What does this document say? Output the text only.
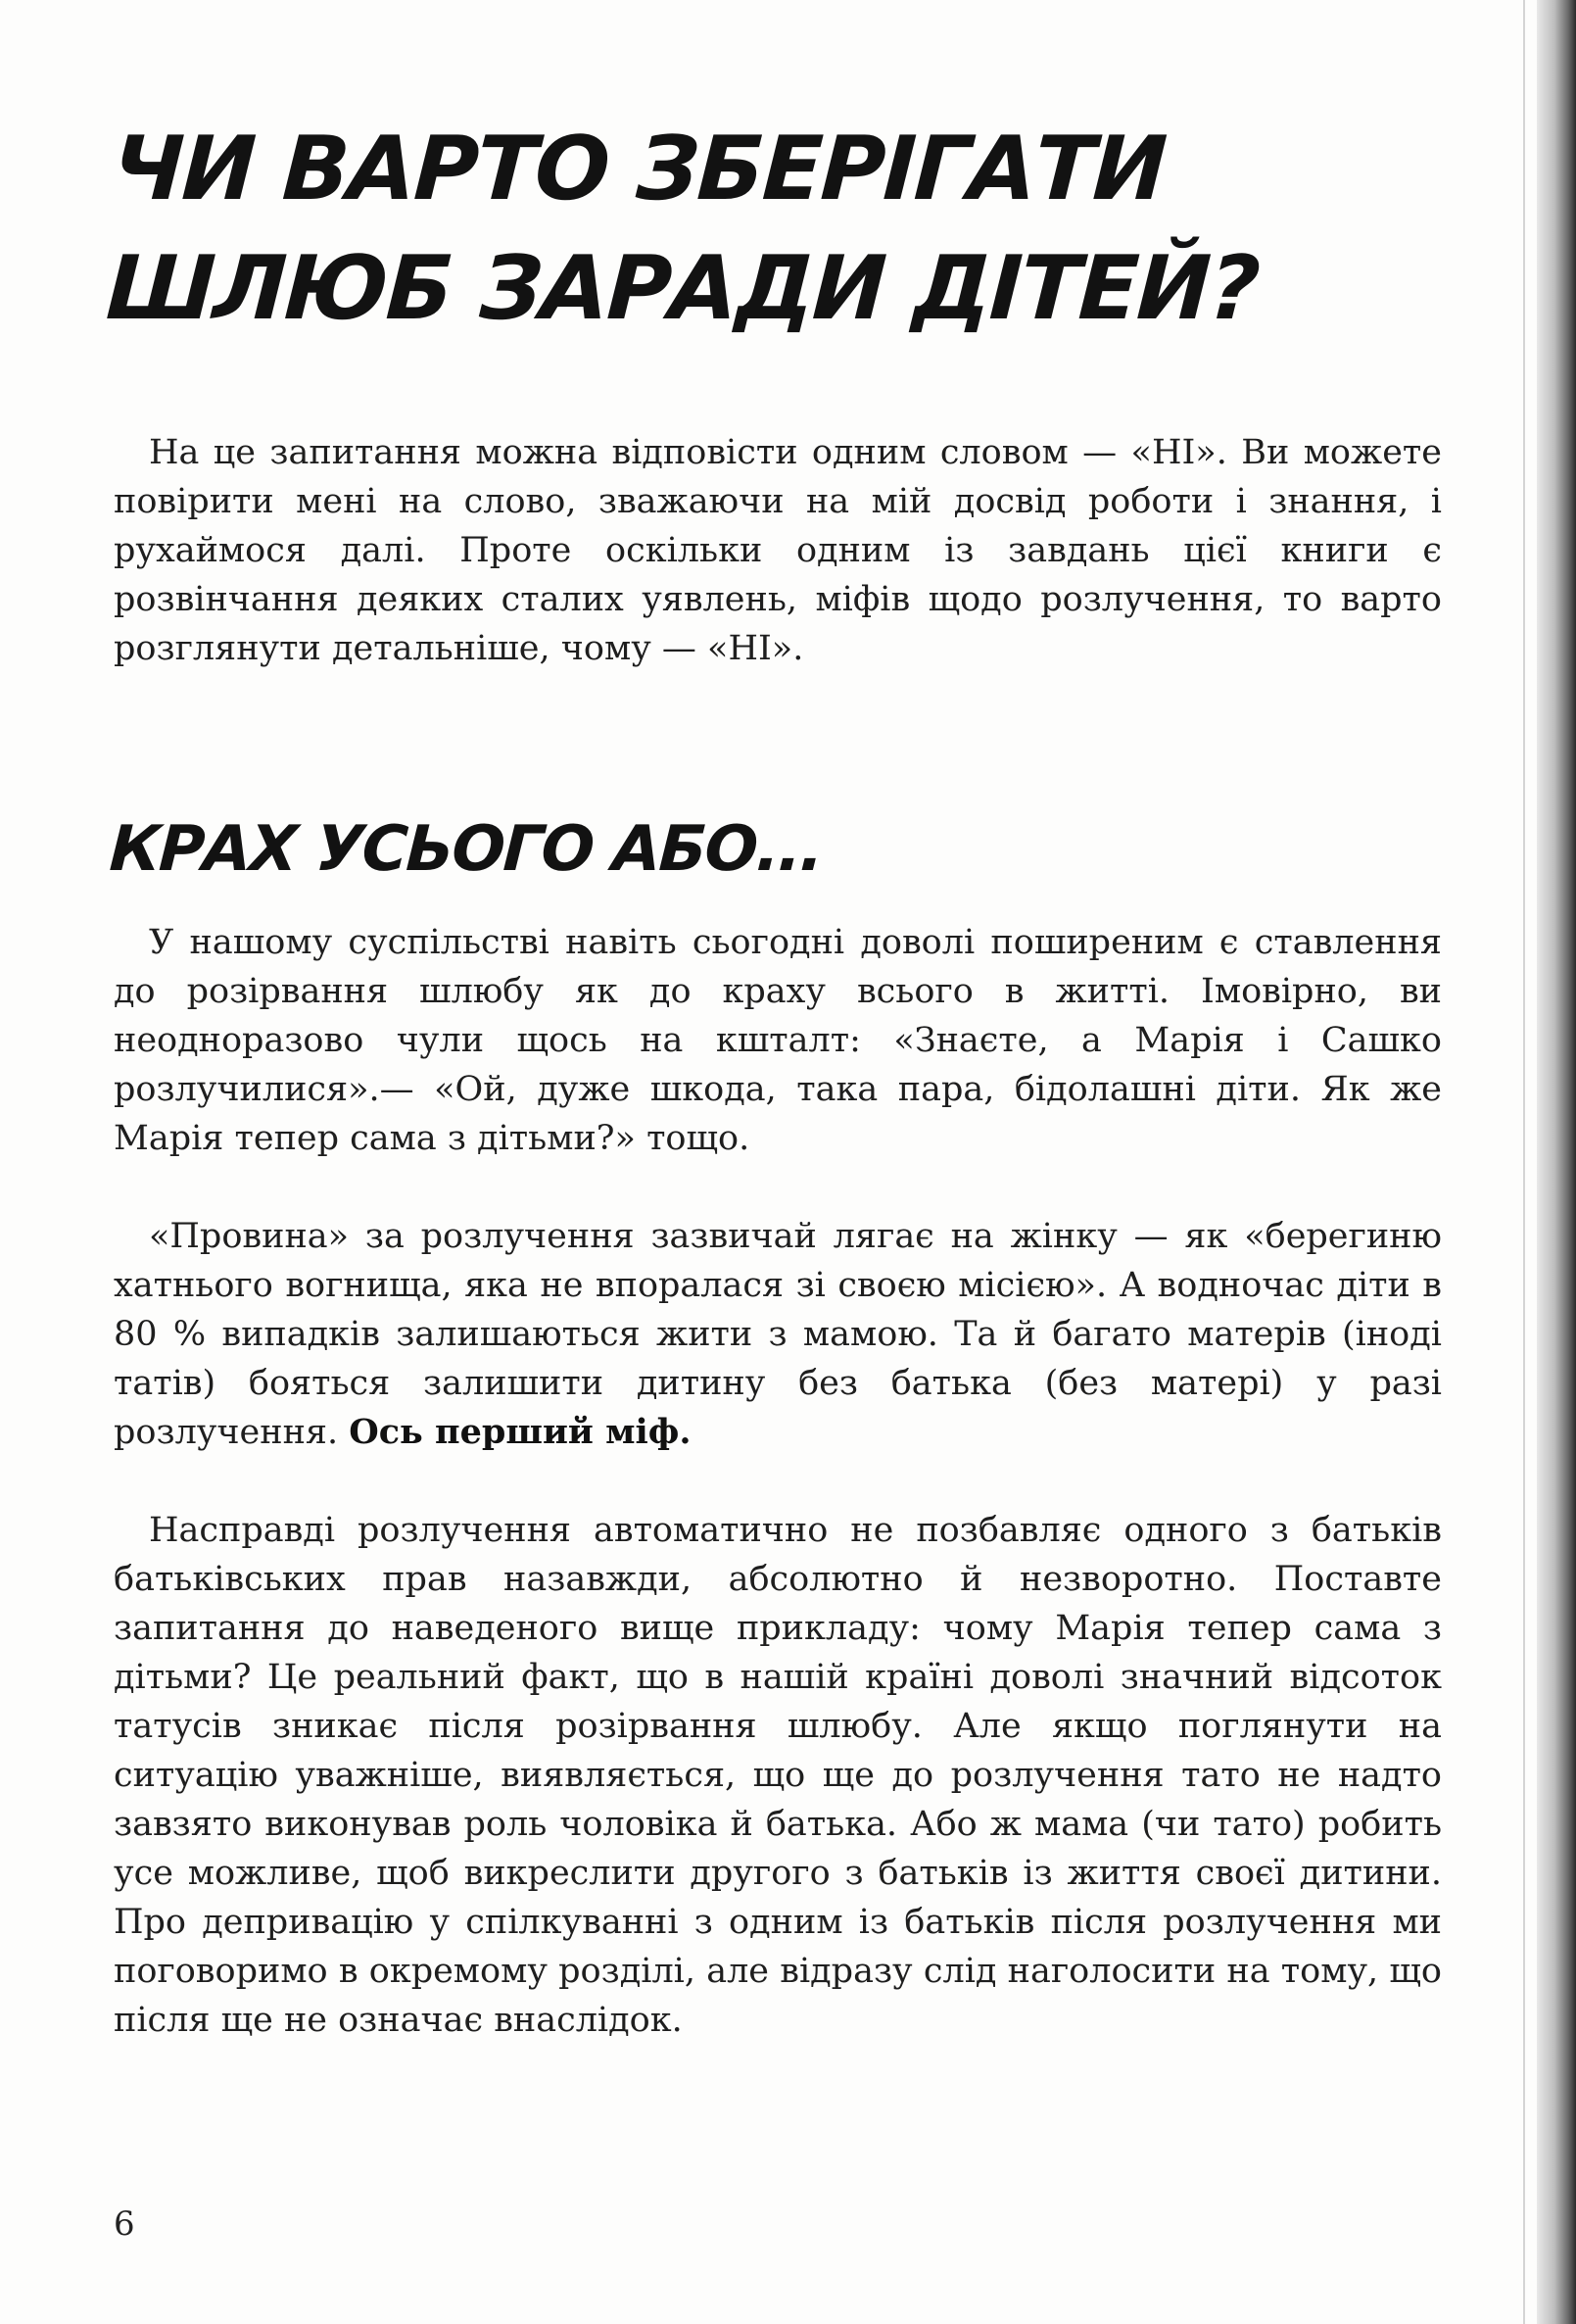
ЧИ ВАРТО ЗБЕРІГАТИ ШЛЮБ ЗАРАДИ ДІТЕЙ?

На це запитання можна відповісти одним словом — «НІ». Ви можете повірити мені на слово, зважаючи на мій досвід роботи і знання, і рухаймося далі. Проте оскільки одним із завдань цієї книги є розвінчання деяких сталих уявлень, міфів щодо розлучення, то варто розглянути детальніше, чому — «НІ».

КРАХ УСЬОГО АБО...

У нашому суспільстві навіть сьогодні доволі поширеним є ставлення до розірвання шлюбу як до краху всього в житті. Імовірно, ви неодноразово чули щось на кшталт: «Знаєте, а Марія і Сашко розлучилися».— «Ой, дуже шкода, така пара, бідолашні діти. Як же Марія тепер сама з дітьми?» тощо.

«Провина» за розлучення зазвичай лягає на жінку — як «берегиню хатнього вогнища, яка не впоралася зі своєю місією». А водночас діти в 80 % випадків залишаються жити з мамою. Та й багато матерів (іноді татів) бояться залишити дитину без батька (без матері) у разі розлучення. Ось перший міф.

Насправді розлучення автоматично не позбавляє одного з батьків батьківських прав назавжди, абсолютно й незворотно. Поставте запитання до наведеного вище прикладу: чому Марія тепер сама з дітьми? Це реальний факт, що в нашій країні доволі значний відсоток татусів зникає після розірвання шлюбу. Але якщо поглянути на ситуацію уважніше, виявляється, що ще до розлучення тато не надто завзято виконував роль чоловіка й батька. Або ж мама (чи тато) робить усе можливе, щоб викреслити другого з батьків із життя своєї дитини. Про депривацію у спілкуванні з одним із батьків після розлучення ми поговоримо в окремому розділі, але відразу слід наголосити на тому, що після ще не означає внаслідок.

6
